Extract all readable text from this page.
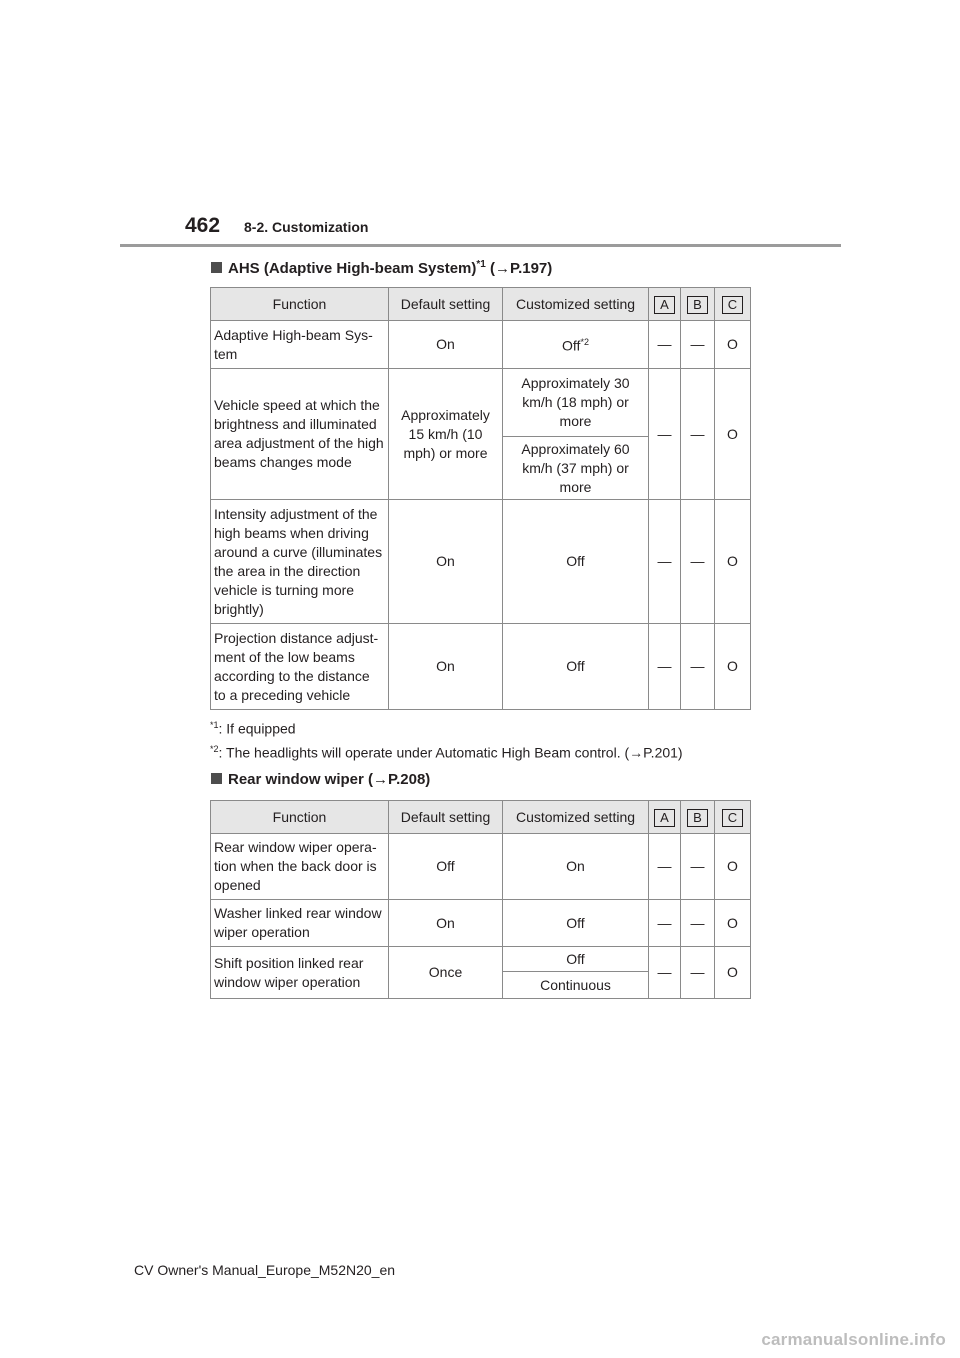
462 8-2. Customization
AHS (Adaptive High-beam System)$^{*1}$ (→P.197)
Function	Default setting	Customized setting	A	B	C
Adaptive High-beam Sys-tem	On	Off$^{*2}$	—	—	O
Vehicle speed at which the brightness and illuminated area adjustment of the high beams changes mode	Approximately 15 km/h (10 mph) or more	Approximately 30 km/h (18 mph) or more	—	—	O
		Approximately 60 km/h (37 mph) or more			
Intensity adjustment of the high beams when driving around a curve (illuminates the area in the direction vehicle is turning more brightly)	On	Off	—	—	O
Projection distance adjust-ment of the low beams according to the distance to a preceding vehicle	On	Off	—	—	O
$^{*1}$: If equipped
$^{*2}$: The headlights will operate under Automatic High Beam control. (→P.201)
Rear window wiper (→P.208)
Function	Default setting	Customized setting	A	B	C
Rear window wiper opera-tion when the back door is opened	Off	On	—	—	O
Washer linked rear window wiper operation	On	Off	—	—	O
Shift position linked rear window wiper operation	Once	Off	—	—	O
		Continuous			
CV Owner's Manual_Europe_M52N20_en
carmanualsonline.info
